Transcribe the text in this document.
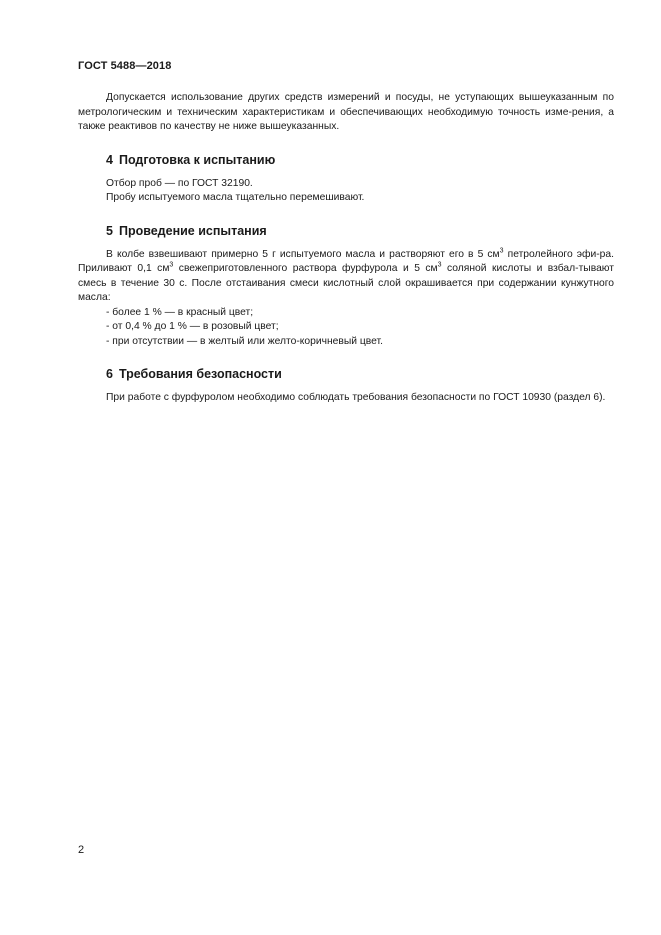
ГОСТ 5488—2018

Допускается использование других средств измерений и посуды, не уступающих вышеуказанным по метрологическим и техническим характеристикам и обеспечивающих необходимую точность изме-рения, а также реактивов по качеству не ниже вышеуказанных.

4 Подготовка к испытанию

Отбор проб — по ГОСТ 32190.

Пробу испытуемого масла тщательно перемешивают.

5 Проведение испытания

В колбе взвешивают примерно 5 г испытуемого масла и растворяют его в 5 $см^3$ петролейного эфи-ра. Приливают 0,1 $см^3$ свежеприготовленного раствора фурфурола и 5 $см^3$ соляной кислоты и взбал-тывают смесь в течение 30 с. После отстаивания смеси кислотный слой окрашивается при содержании кунжутного масла:

- более 1 % — в красный цвет;

- от 0,4 % до 1 % — в розовый цвет;

- при отсутствии — в желтый или желто-коричневый цвет.

6 Требования безопасности

При работе с фурфуролом необходимо соблюдать требования безопасности по ГОСТ 10930 (раздел 6).

2
